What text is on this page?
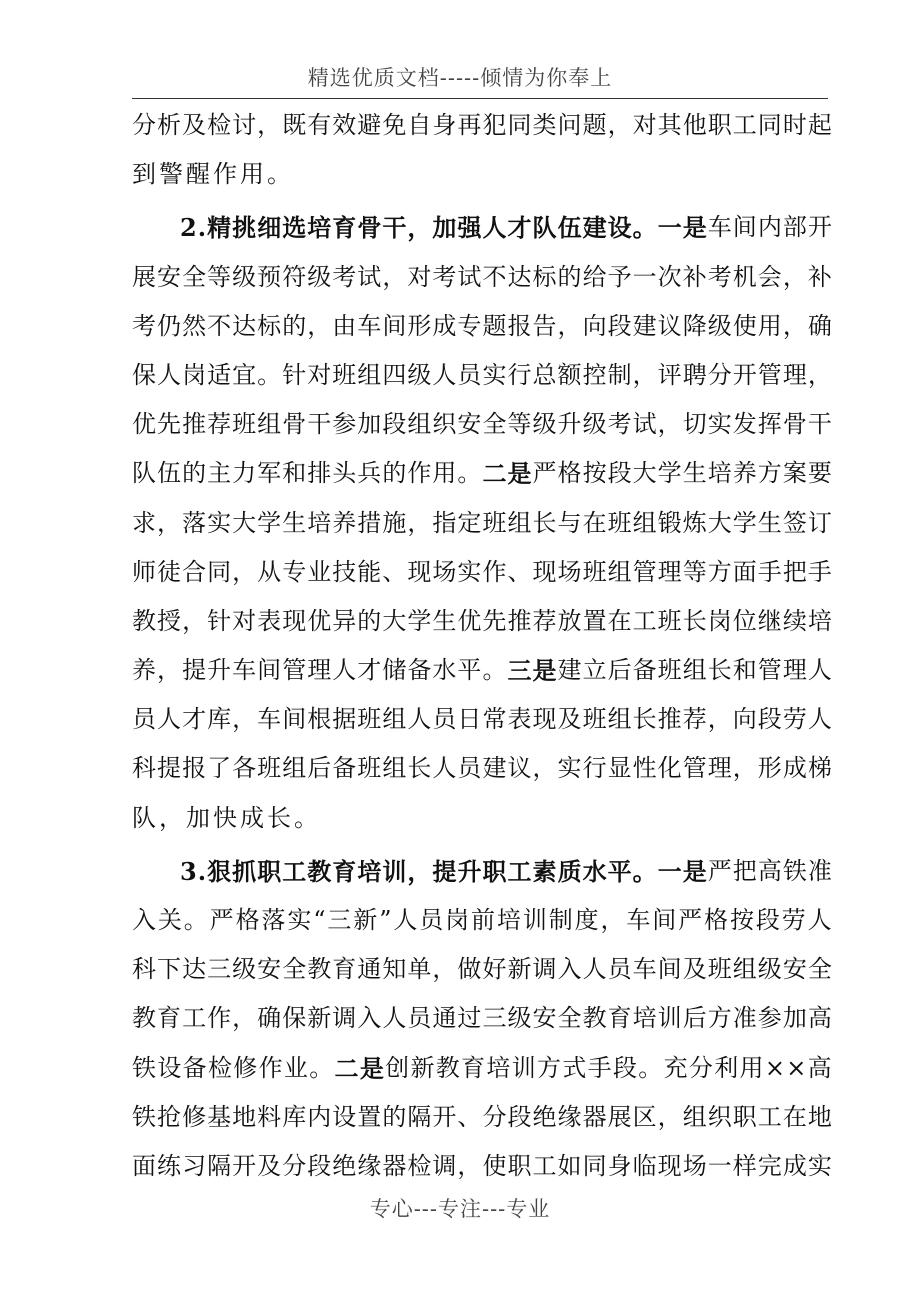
精选优质文档-----倾情为你奉上
分 析 及 检 讨 ， 既 有 效 避 免 自 身 再 犯 同 类 问 题 ， 对 其 他 职 工 同 时 起
到 警 醒 作 用 。
2 . 精 挑 细 选 培 育 骨 干 ， 加 强 人 才 队 伍 建 设 。 一 是 车 间 内 部 开
展 安 全 等 级 预 符 级 考 试 ， 对 考 试 不 达 标 的 给 予 一 次 补 考 机 会 ， 补
考 仍 然 不 达 标 的 ， 由 车 间 形 成 专 题 报 告 ， 向 段 建 议 降 级 使 用 ， 确
保 人 岗 适 宜 。 针 对 班 组 四 级 人 员 实 行 总 额 控 制 ， 评 聘 分 开 管 理 ，
优 先 推 荐 班 组 骨 干 参 加 段 组 织 安 全 等 级 升 级 考 试 ， 切 实 发 挥 骨 干
队 伍 的 主 力 军 和 排 头 兵 的 作 用 。 二 是 严 格 按 段 大 学 生 培 养 方 案 要
求 ， 落 实 大 学 生 培 养 措 施 ， 指 定 班 组 长 与 在 班 组 锻 炼 大 学 生 签 订
师 徒 合 同 ， 从 专 业 技 能 、 现 场 实 作 、 现 场 班 组 管 理 等 方 面 手 把 手
教 授 ， 针 对 表 现 优 异 的 大 学 生 优 先 推 荐 放 置 在 工 班 长 岗 位 继 续 培
养 ， 提 升 车 间 管 理 人 才 储 备 水 平 。 三 是 建 立 后 备 班 组 长 和 管 理 人
员 人 才 库 ， 车 间 根 据 班 组 人 员 日 常 表 现 及 班 组 长 推 荐 ， 向 段 劳 人
科 提 报 了 各 班 组 后 备 班 组 长 人 员 建 议 ， 实 行 显 性 化 管 理 ， 形 成 梯
队 ， 加 快 成 长 。
3 . 狠 抓 职 工 教 育 培 训 ， 提 升 职 工 素 质 水 平 。 一 是 严 把 高 铁 准
入 关 。 严 格 落 实 “ 三 新 ” 人 员 岗 前 培 训 制 度 ， 车 间 严 格 按 段 劳 人
科 下 达 三 级 安 全 教 育 通 知 单 ， 做 好 新 调 入 人 员 车 间 及 班 组 级 安 全
教 育 工 作 ， 确 保 新 调 入 人 员 通 过 三 级 安 全 教 育 培 训 后 方 准 参 加 高
铁 设 备 检 修 作 业 。 二 是 创 新 教 育 培 训 方 式 手 段 。 充 分 利 用 × × 高
铁 抢 修 基 地 料 库 内 设 置 的 隔 开 、 分 段 绝 缘 器 展 区 ， 组 织 职 工 在 地
面 练 习 隔 开 及 分 段 绝 缘 器 检 调 ， 使 职 工 如 同 身 临 现 场 一 样 完 成 实
专心---专注---专业
